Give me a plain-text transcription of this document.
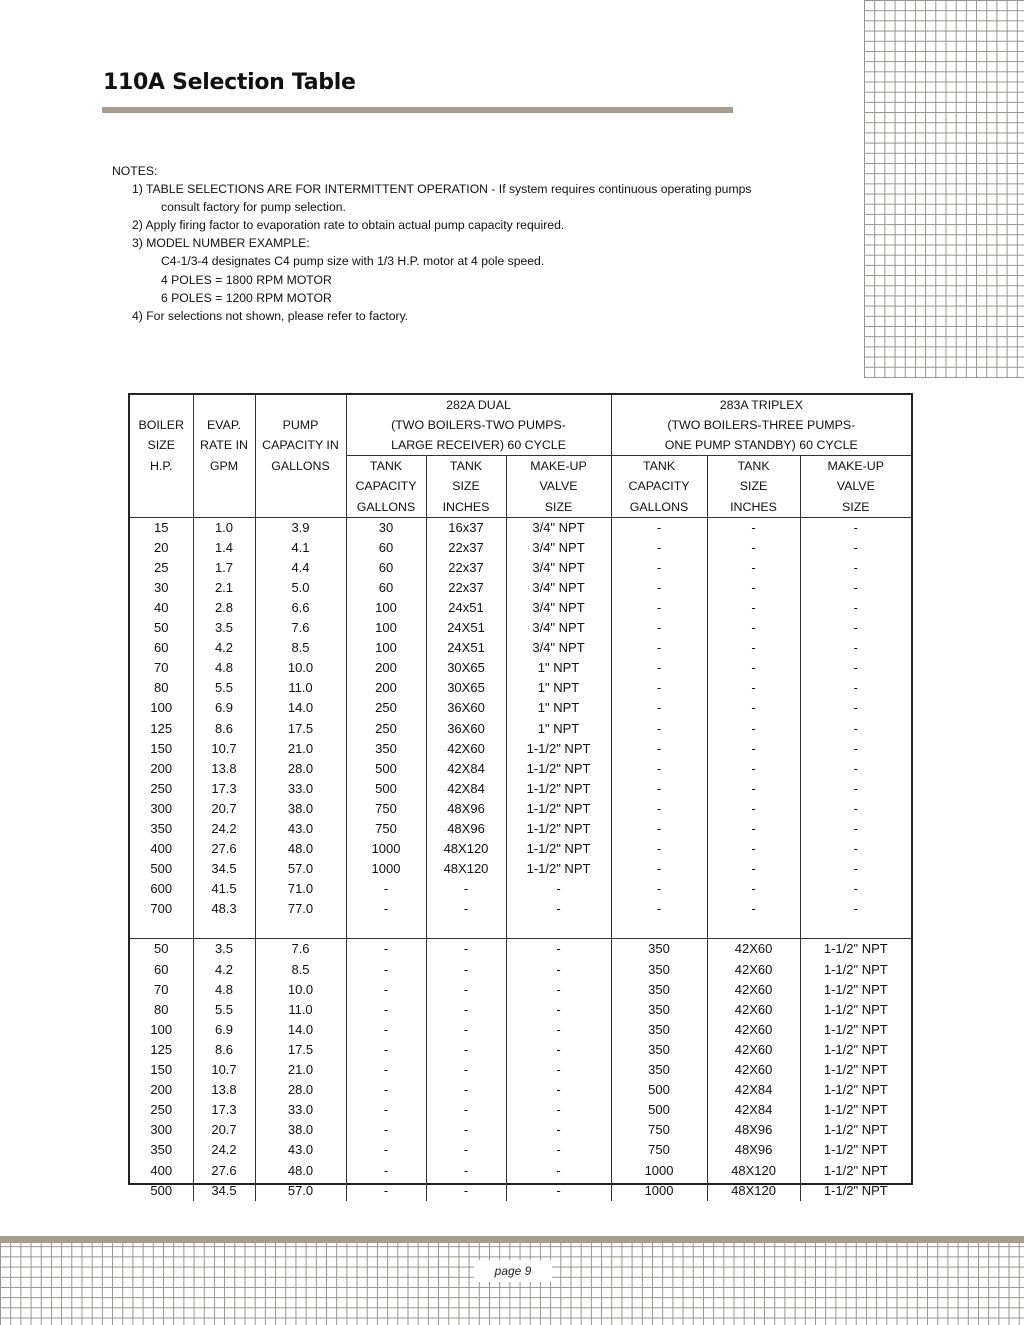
110A Selection Table
NOTES:
1) TABLE SELECTIONS ARE FOR INTERMITTENT OPERATION - If system requires continuous operating pumps
consult factory for pump selection.
2) Apply firing factor to evaporation rate to obtain actual pump capacity required.
3) MODEL NUMBER EXAMPLE:
C4-1/3-4 designates C4 pump size with 1/3 H.P. motor at 4 pole speed.
4 POLES = 1800 RPM MOTOR
6 POLES = 1200 RPM MOTOR
4) For selections not shown, please refer to factory.
			282A DUAL			283A TRIPLEX		
BOILER	EVAP.	PUMP	(TWO BOILERS-TWO PUMPS-			(TWO BOILERS-THREE PUMPS-		
SIZE	RATE IN	CAPACITY IN	LARGE RECEIVER) 60 CYCLE			ONE PUMP STANDBY) 60 CYCLE		
H.P.	GPM	GALLONS	TANK	TANK	MAKE-UP	TANK	TANK	MAKE-UP
			CAPACITY	SIZE	VALVE	CAPACITY	SIZE	VALVE
			GALLONS	INCHES	SIZE	GALLONS	INCHES	SIZE
15	1.0	3.9	30	16x37	3/4" NPT	-	-	-
20	1.4	4.1	60	22x37	3/4" NPT	-	-	-
25	1.7	4.4	60	22x37	3/4" NPT	-	-	-
30	2.1	5.0	60	22x37	3/4" NPT	-	-	-
40	2.8	6.6	100	24x51	3/4" NPT	-	-	-
50	3.5	7.6	100	24X51	3/4" NPT	-	-	-
60	4.2	8.5	100	24X51	3/4" NPT	-	-	-
70	4.8	10.0	200	30X65	1" NPT	-	-	-
80	5.5	11.0	200	30X65	1" NPT	-	-	-
100	6.9	14.0	250	36X60	1" NPT	-	-	-
125	8.6	17.5	250	36X60	1" NPT	-	-	-
150	10.7	21.0	350	42X60	1-1/2" NPT	-	-	-
200	13.8	28.0	500	42X84	1-1/2" NPT	-	-	-
250	17.3	33.0	500	42X84	1-1/2" NPT	-	-	-
300	20.7	38.0	750	48X96	1-1/2" NPT	-	-	-
350	24.2	43.0	750	48X96	1-1/2" NPT	-	-	-
400	27.6	48.0	1000	48X120	1-1/2" NPT	-	-	-
500	34.5	57.0	1000	48X120	1-1/2" NPT	-	-	-
600	41.5	71.0	-	-	-	-	-	-
700	48.3	77.0	-	-	-	-	-	-

50	3.5	7.6	-	-	-	350	42X60	1-1/2" NPT
60	4.2	8.5	-	-	-	350	42X60	1-1/2" NPT
70	4.8	10.0	-	-	-	350	42X60	1-1/2" NPT
80	5.5	11.0	-	-	-	350	42X60	1-1/2" NPT
100	6.9	14.0	-	-	-	350	42X60	1-1/2" NPT
125	8.6	17.5	-	-	-	350	42X60	1-1/2" NPT
150	10.7	21.0	-	-	-	350	42X60	1-1/2" NPT
200	13.8	28.0	-	-	-	500	42X84	1-1/2" NPT
250	17.3	33.0	-	-	-	500	42X84	1-1/2" NPT
300	20.7	38.0	-	-	-	750	48X96	1-1/2" NPT
350	24.2	43.0	-	-	-	750	48X96	1-1/2" NPT
400	27.6	48.0	-	-	-	1000	48X120	1-1/2" NPT
500	34.5	57.0	-	-	-	1000	48X120	1-1/2" NPT
page 9
